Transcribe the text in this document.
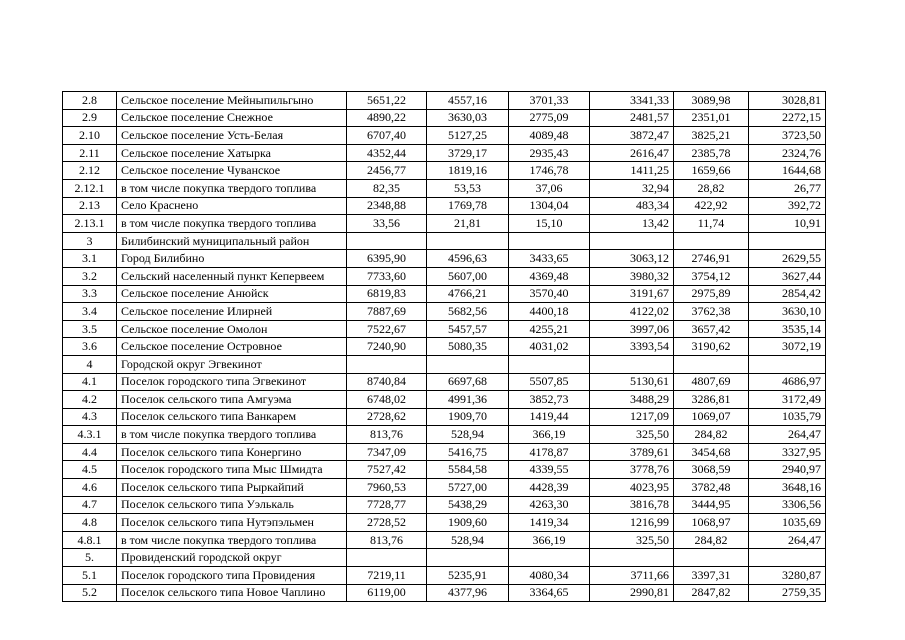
2.8	Сельское поселение Мейныпильгыно	5651,22	4557,16	3701,33	3341,33	3089,98	3028,81
2.9	Сельское поселение Снежное	4890,22	3630,03	2775,09	2481,57	2351,01	2272,15
2.10	Сельское поселение Усть-Белая	6707,40	5127,25	4089,48	3872,47	3825,21	3723,50
2.11	Сельское поселение Хатырка	4352,44	3729,17	2935,43	2616,47	2385,78	2324,76
2.12	Сельское поселение Чуванское	2456,77	1819,16	1746,78	1411,25	1659,66	1644,68
2.12.1	в том числе покупка твердого топлива	82,35	53,53	37,06	32,94	28,82	26,77
2.13	Село Краснено	2348,88	1769,78	1304,04	483,34	422,92	392,72
2.13.1	в том числе покупка твердого топлива	33,56	21,81	15,10	13,42	11,74	10,91
3	Билибинский муниципальный район						
3.1	Город Билибино	6395,90	4596,63	3433,65	3063,12	2746,91	2629,55
3.2	Сельский населенный пункт Кепервеем	7733,60	5607,00	4369,48	3980,32	3754,12	3627,44
3.3	Сельское поселение Анюйск	6819,83	4766,21	3570,40	3191,67	2975,89	2854,42
3.4	Сельское поселение Илирней	7887,69	5682,56	4400,18	4122,02	3762,38	3630,10
3.5	Сельское поселение Омолон	7522,67	5457,57	4255,21	3997,06	3657,42	3535,14
3.6	Сельское поселение Островное	7240,90	5080,35	4031,02	3393,54	3190,62	3072,19
4	Городской округ Эгвекинот						
4.1	Поселок городского типа Эгвекинот	8740,84	6697,68	5507,85	5130,61	4807,69	4686,97
4.2	Поселок сельского типа Амгуэма	6748,02	4991,36	3852,73	3488,29	3286,81	3172,49
4.3	Поселок сельского типа Ванкарем	2728,62	1909,70	1419,44	1217,09	1069,07	1035,79
4.3.1	в том числе покупка твердого топлива	813,76	528,94	366,19	325,50	284,82	264,47
4.4	Поселок сельского типа Конергино	7347,09	5416,75	4178,87	3789,61	3454,68	3327,95
4.5	Поселок городского типа Мыс Шмидта	7527,42	5584,58	4339,55	3778,76	3068,59	2940,97
4.6	Поселок сельского типа Рыркайпий	7960,53	5727,00	4428,39	4023,95	3782,48	3648,16
4.7	Поселок сельского типа Уэлькаль	7728,77	5438,29	4263,30	3816,78	3444,95	3306,56
4.8	Поселок сельского типа Нутэпэльмен	2728,52	1909,60	1419,34	1216,99	1068,97	1035,69
4.8.1	в том числе покупка твердого топлива	813,76	528,94	366,19	325,50	284,82	264,47
5.	Провиденский городской округ						
5.1	Поселок городского типа Провидения	7219,11	5235,91	4080,34	3711,66	3397,31	3280,87
5.2	Поселок сельского типа Новое Чаплино	6119,00	4377,96	3364,65	2990,81	2847,82	2759,35
